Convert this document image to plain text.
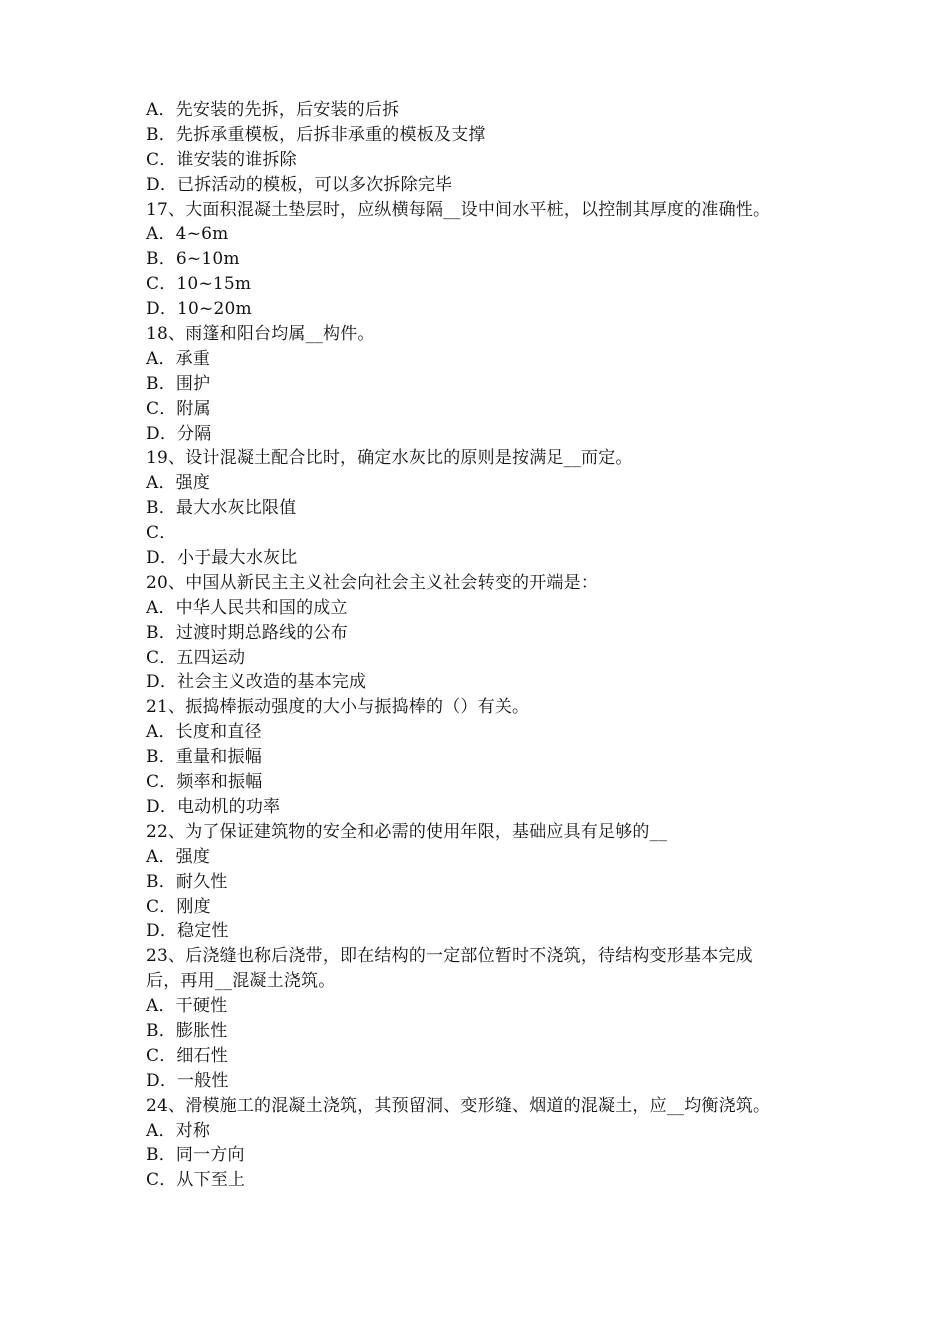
A．先安装的先拆，后安装的后拆
B．先拆承重模板，后拆非承重的模板及支撑
C．谁安装的谁拆除
D．已拆活动的模板，可以多次拆除完毕
17、大面积混凝土垫层时，应纵横每隔__设中间水平桩，以控制其厚度的准确性。
A．4~6m
B．6~10m
C．10~15m
D．10~20m
18、雨篷和阳台均属__构件。
A．承重
B．围护
C．附属
D．分隔
19、设计混凝土配合比时，确定水灰比的原则是按满足__而定。
A．强度
B．最大水灰比限值
C．
D．小于最大水灰比
20、中国从新民主主义社会向社会主义社会转变的开端是：
A．中华人民共和国的成立
B．过渡时期总路线的公布
C．五四运动
D．社会主义改造的基本完成
21、振捣棒振动强度的大小与振捣棒的（）有关。
A．长度和直径
B．重量和振幅
C．频率和振幅
D．电动机的功率
22、为了保证建筑物的安全和必需的使用年限，基础应具有足够的__
A．强度
B．耐久性
C．刚度
D．稳定性
23、后浇缝也称后浇带，即在结构的一定部位暂时不浇筑，待结构变形基本完成
后，再用__混凝土浇筑。
A．干硬性
B．膨胀性
C．细石性
D．一般性
24、滑模施工的混凝土浇筑，其预留洞、变形缝、烟道的混凝土，应__均衡浇筑。
A．对称
B．同一方向
C．从下至上
